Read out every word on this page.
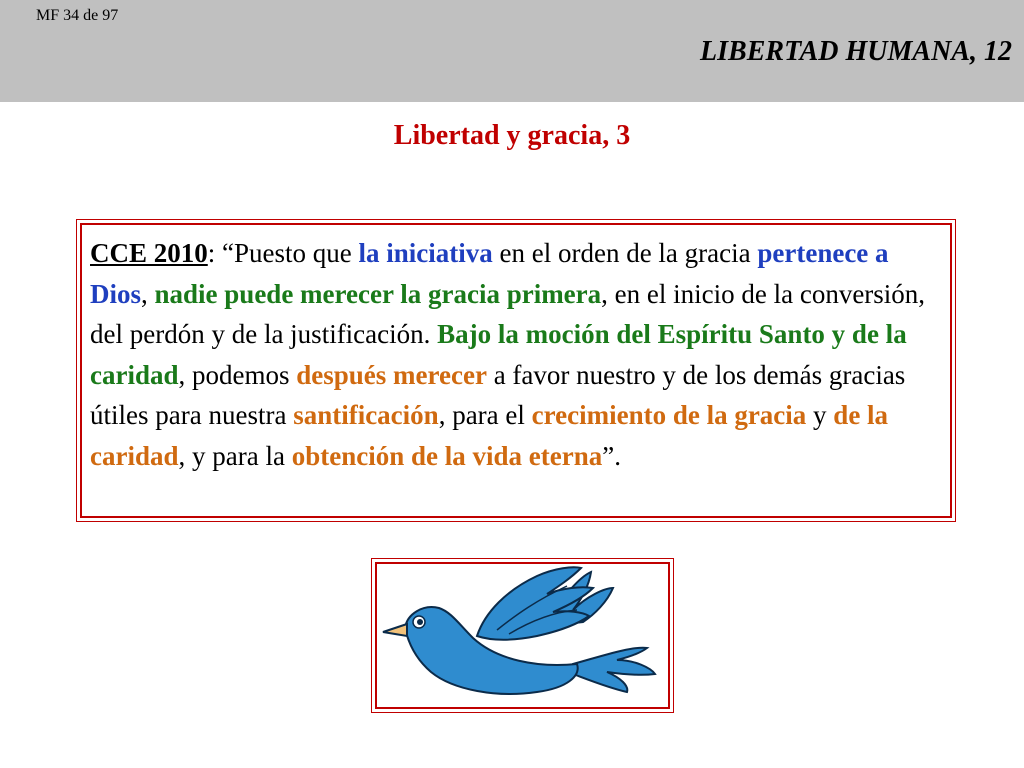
MF 34 de 97
LIBERTAD HUMANA, 12
Libertad y gracia, 3
CCE 2010: “Puesto que la iniciativa en el orden de la gracia pertenece a Dios, nadie puede merecer la gracia primera, en el inicio de la conversión, del perdón y de la justificación. Bajo la moción del Espíritu Santo y de la caridad, podemos después merecer a favor nuestro y de los demás gracias útiles para nuestra santificación, para el crecimiento de la gracia y de la caridad, y para la obtención de la vida eterna”.
